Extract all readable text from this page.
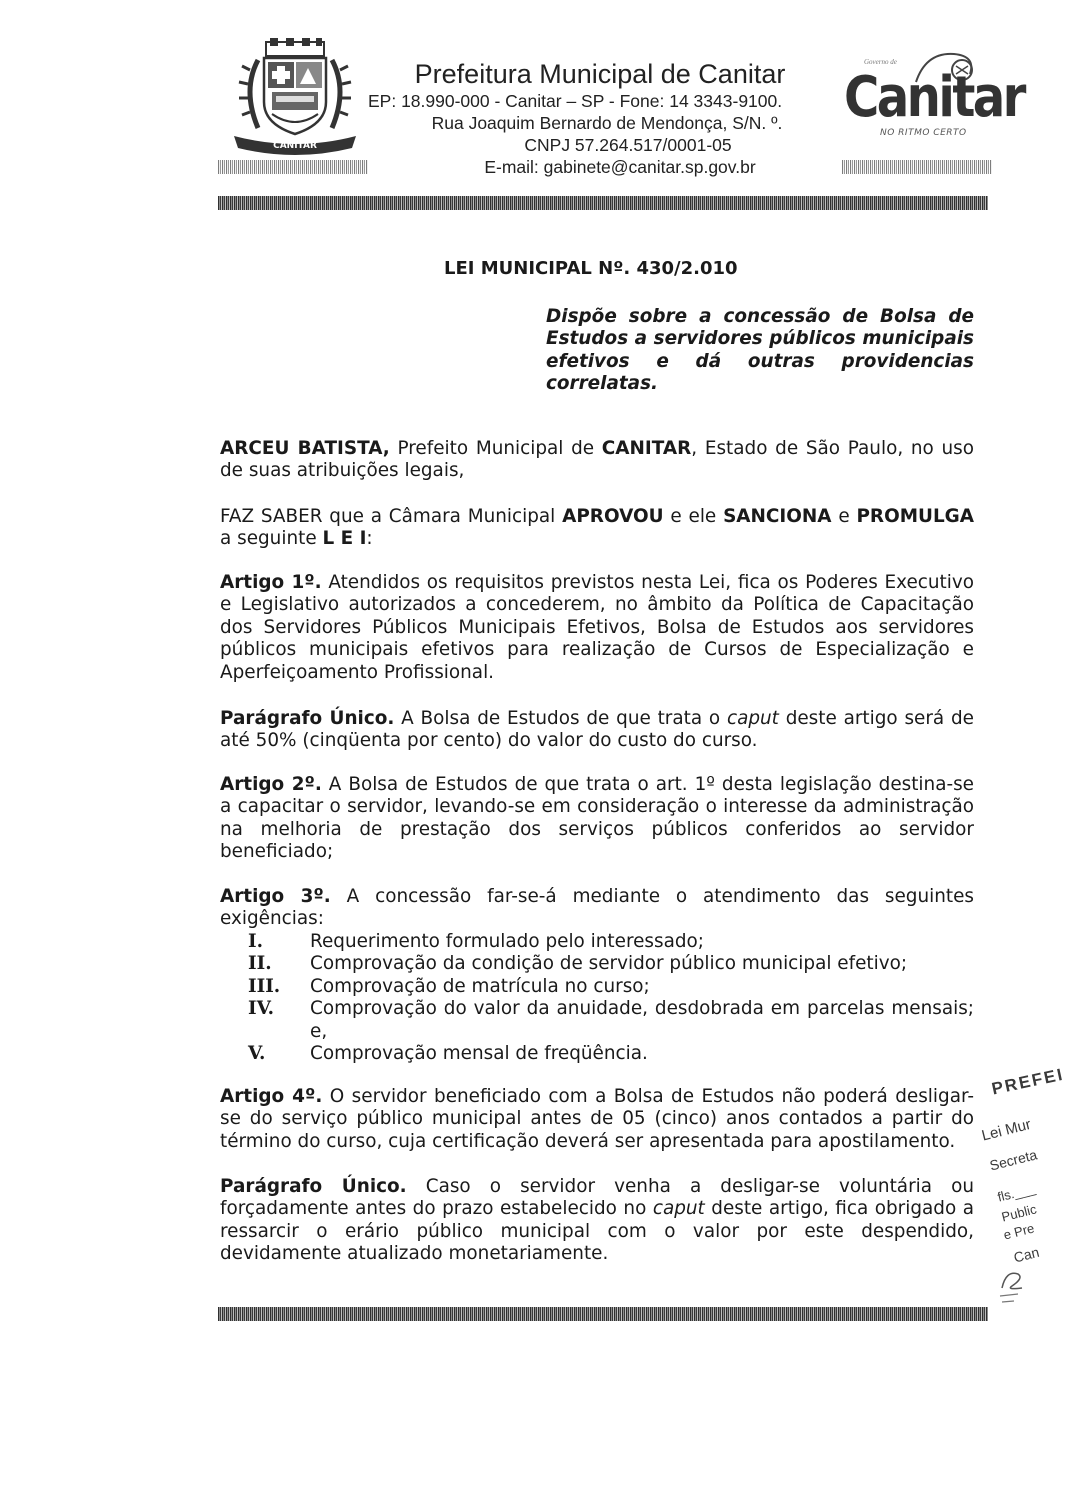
CANITAR

Prefeitura Municipal de Canitar

EP: 18.990-000 - Canitar – SP - Fone: 14 3343-9100.

Rua Joaquim Bernardo de Mendonça, S/N. º.

CNPJ 57.264.517/0001-05

E-mail: gabinete@canitar.sp.gov.br

Governo de
Canitar
NO RITMO CERTO
LEI MUNICIPAL Nº. 430/2.010
Dispõe sobre a concessão de Bolsa de Estudos a servidores públicos municipais efetivos e dá outras providencias correlatas.

ARCEU BATISTA, Prefeito Municipal de CANITAR, Estado de São Paulo, no uso de suas atribuições legais,

FAZ SABER que a Câmara Municipal APROVOU e ele SANCIONA e PROMULGA a seguinte L E I:

Artigo 1º. Atendidos os requisitos previstos nesta Lei, fica os Poderes Executivo e Legislativo autorizados a concederem, no âmbito da Política de Capacitação dos Servidores Públicos Municipais Efetivos, Bolsa de Estudos aos servidores públicos municipais efetivos para realização de Cursos de Especialização e Aperfeiçoamento Profissional.

Parágrafo Único. A Bolsa de Estudos de que trata o caput deste artigo será de até 50% (cinqüenta por cento) do valor do custo do curso.

Artigo 2º. A Bolsa de Estudos de que trata o art. 1º desta legislação destina-se a capacitar o servidor, levando-se em consideração o interesse da administração na melhoria de prestação dos serviços públicos conferidos ao servidor beneficiado;

Artigo 3º. A concessão far-se-á mediante o atendimento das seguintes exigências:

I.	Requerimento formulado pelo interessado;
II. Comprovação da condição de servidor público municipal efetivo;
III. Comprovação de matrícula no curso;
IV. Comprovação do valor da anuidade, desdobrada em parcelas mensais; e,
V. Comprovação mensal de freqüência.

Artigo 4º. O servidor beneficiado com a Bolsa de Estudos não poderá desligar-se do serviço público municipal antes de 05 (cinco) anos contados a partir do término do curso, cuja certificação deverá ser apresentada para apostilamento.

Parágrafo Único. Caso o servidor venha a desligar-se voluntária ou forçadamente antes do prazo estabelecido no caput deste artigo, fica obrigado a ressarcir o erário público municipal com o valor por este despendido, devidamente atualizado monetariamente.

PREFEI
Lei Mur
Secreta
fls.___
Public
e Pre
Can
